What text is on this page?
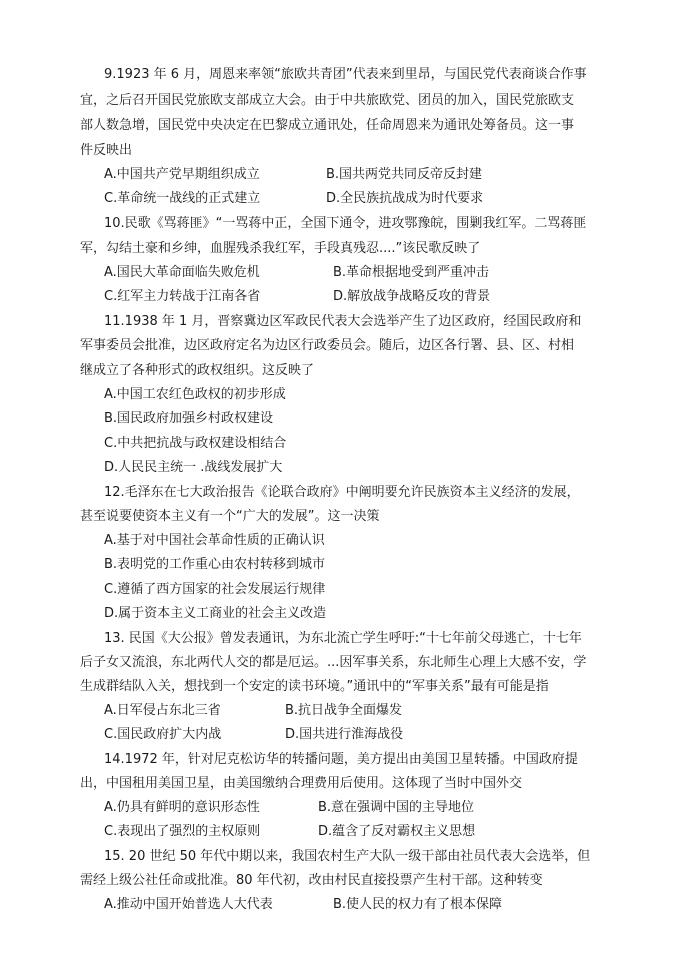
9.1923 年 6 月，周恩来率领“旅欧共青团”代表来到里昂，与国民党代表商谈合作事
宜，之后召开国民党旅欧支部成立大会。由于中共旅欧党、团员的加入，国民党旅欧支
部人数急增，国民党中央决定在巴黎成立通讯处，任命周恩来为通讯处筹备员。这一事
件反映出
A.中国共产党早期组织成立	B.国共两党共同反帝反封建
C.革命统一战线的正式建立	D.全民族抗战成为时代要求
10.民歌《骂蒋匪》“一骂蒋中正，全国下通令，进攻鄂豫皖，围剿我红军。二骂蒋匪
军，勾结土豪和乡绅，血腥残杀我红军，手段真残忍....”该民歌反映了
A.国民大革命面临失败危机	B.革命根据地受到严重冲击
C.红军主力转战于江南各省	D.解放战争战略反攻的背景
11.1938 年 1 月，晋察冀边区军政民代表大会选举产生了边区政府，经国民政府和
军事委员会批准，边区政府定名为边区行政委员会。随后，边区各行署、县、区、村相
继成立了各种形式的政权组织。这反映了
A.中国工农红色政权的初步形成
B.国民政府加强乡村政权建设
C.中共把抗战与政权建设相结合
D.人民民主统一 .战线发展扩大
12.毛泽东在七大政治报告《论联合政府》中阐明要允许民族资本主义经济的发展，
甚至说要使资本主义有一个“广大的发展”。这一决策
A.基于对中国社会革命性质的正确认识
B.表明党的工作重心由农村转移到城市
C.遵循了西方国家的社会发展运行规律
D.属于资本主义工商业的社会主义改造
13. 民国《大公报》曾发表通讯，为东北流亡学生呼吁:“十七年前父母逃亡，十七年
后子女又流浪，东北两代人交的都是厄运。...因军事关系，东北师生心理上大感不安，学
生成群结队入关，想找到一个安定的读书环境。”通讯中的“军事关系”最有可能是指
A.日军侵占东北三省	B.抗日战争全面爆发
C.国民政府扩大内战	D.国共进行淮海战役
14.1972 年，针对尼克松访华的转播问题，美方提出由美国卫星转播。中国政府提
出，中国租用美国卫星，由美国缴纳合理费用后使用。这体现了当时中国外交
A.仍具有鲜明的意识形态性	B.意在强调中国的主导地位
C.表现出了强烈的主权原则	D.蕴含了反对霸权主义思想
15. 20 世纪 50 年代中期以来，我国农村生产大队一级干部由社员代表大会选举，但
需经上级公社任命或批准。80 年代初，改由村民直接投票产生村干部。这种转变
A.推动中国开始普选人大代表	B.使人民的权力有了根本保障
